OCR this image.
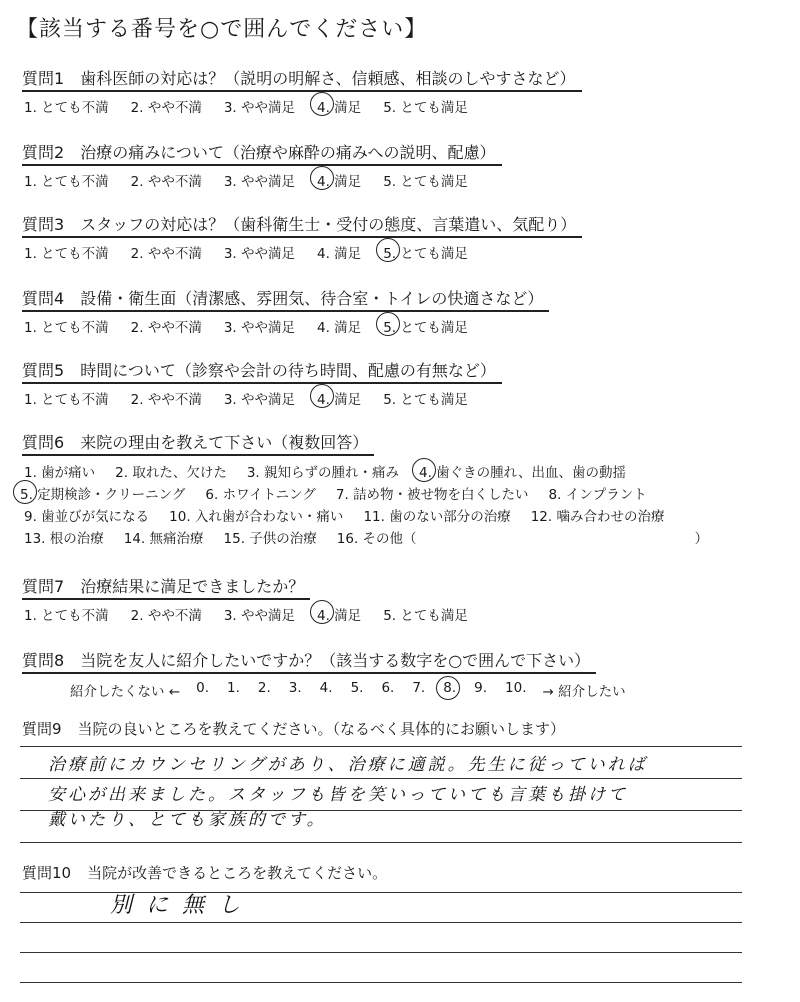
【該当する番号を○で囲んでください】
質問1 歯科医師の対応は？（説明の明解さ、信頼感、相談のしやすさなど）
1. とても不満 2. やや不満 3. やや満足 4. 満足 5. とても満足
質問2 治療の痛みについて（治療や麻酔の痛みへの説明、配慮）
1. とても不満 2. やや不満 3. やや満足 4. 満足 5. とても満足
質問3 スタッフの対応は？（歯科衛生士・受付の態度、言葉遣い、気配り）
1. とても不満 2. やや不満 3. やや満足 4. 満足 5. とても満足
質問4 設備・衛生面（清潔感、雰囲気、待合室・トイレの快適さなど）
1. とても不満 2. やや不満 3. やや満足 4. 満足 5. とても満足
質問5 時間について（診察や会計の待ち時間、配慮の有無など）
1. とても不満 2. やや不満 3. やや満足 4. 満足 5. とても満足
質問6 来院の理由を教えて下さい（複数回答）
1. 歯が痛い 2. 取れた、欠けた 3. 親知らずの腫れ・痛み 4. 歯ぐきの腫れ、出血、歯の動揺
5. 定期検診・クリーニング 6. ホワイトニング 7. 詰め物・被せ物を白くしたい 8. インプラント
9. 歯並びが気になる 10. 入れ歯が合わない・痛い 11. 歯のない部分の治療 12. 噛み合わせの治療
13. 根の治療 14. 無痛治療 15. 子供の治療 16. その他（	）
質問7 治療結果に満足できましたか？
1. とても不満 2. やや不満 3. やや満足 4. 満足 5. とても満足
質問8 当院を友人に紹介したいですか？（該当する数字を○で囲んで下さい）
紹介したくない ← 0. 1. 2. 3. 4. 5. 6. 7. 8. 9. 10. → 紹介したい
質問9 当院の良いところを教えてください。（なるべく具体的にお願いします）
治療前にカウンセリングがあり、治療に適説。先生に従っていれば
安心が出来ました。スタッフも皆を笑いっていても言葉も掛けて
戴いたり、とても家族的です。
質問10 当院が改善できるところを教えてください。
別に無し
